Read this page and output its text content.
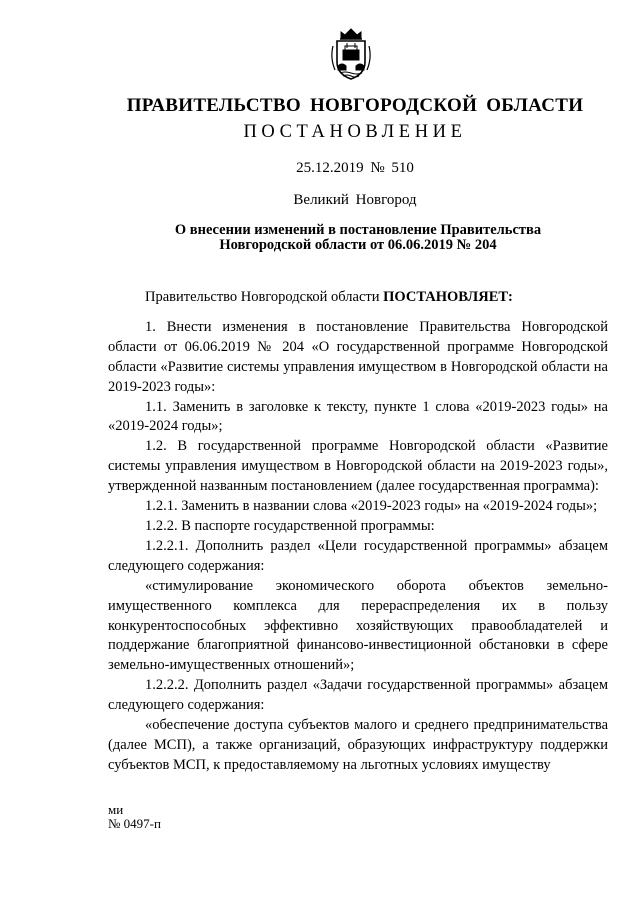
ПРАВИТЕЛЬСТВО НОВГОРОДСКОЙ ОБЛАСТИ
ПОСТАНОВЛЕНИЕ
25.12.2019 № 510
Великий Новгород
О внесении изменений в постановление Правительства
Новгородской области от 06.06.2019 № 204

Правительство Новгородской области ПОСТАНОВЛЯЕТ:

1. Внести изменения в постановление Правительства Новгородской области от 06.06.2019 № 204 «О государственной программе Новгородской области «Развитие системы управления имуществом в Новгородской области на 2019-2023 годы»:

1.1. Заменить в заголовке к тексту, пункте 1 слова «2019-2023 годы» на «2019-2024 годы»;

1.2. В государственной программе Новгородской области «Развитие системы управления имуществом в Новгородской области на 2019-2023 годы», утвержденной названным постановлением (далее государственная программа):

1.2.1. Заменить в названии слова «2019-2023 годы» на «2019-2024 годы»;

1.2.2. В паспорте государственной программы:

1.2.2.1. Дополнить раздел «Цели государственной программы» абзацем следующего содержания:

«стимулирование экономического оборота объектов земельно-имущественного комплекса для перераспределения их в пользу конкурентоспособных эффективно хозяйствующих правообладателей и поддержание благоприятной финансово-инвестиционной обстановки в сфере земельно-имущественных отношений»;

1.2.2.2. Дополнить раздел «Задачи государственной программы» абзацем следующего содержания:

«обеспечение доступа субъектов малого и среднего предпринимательства (далее МСП), а также организаций, образующих инфраструктуру поддержки субъектов МСП, к предоставляемому на льготных условиях имуществу

ми
№ 0497-п
